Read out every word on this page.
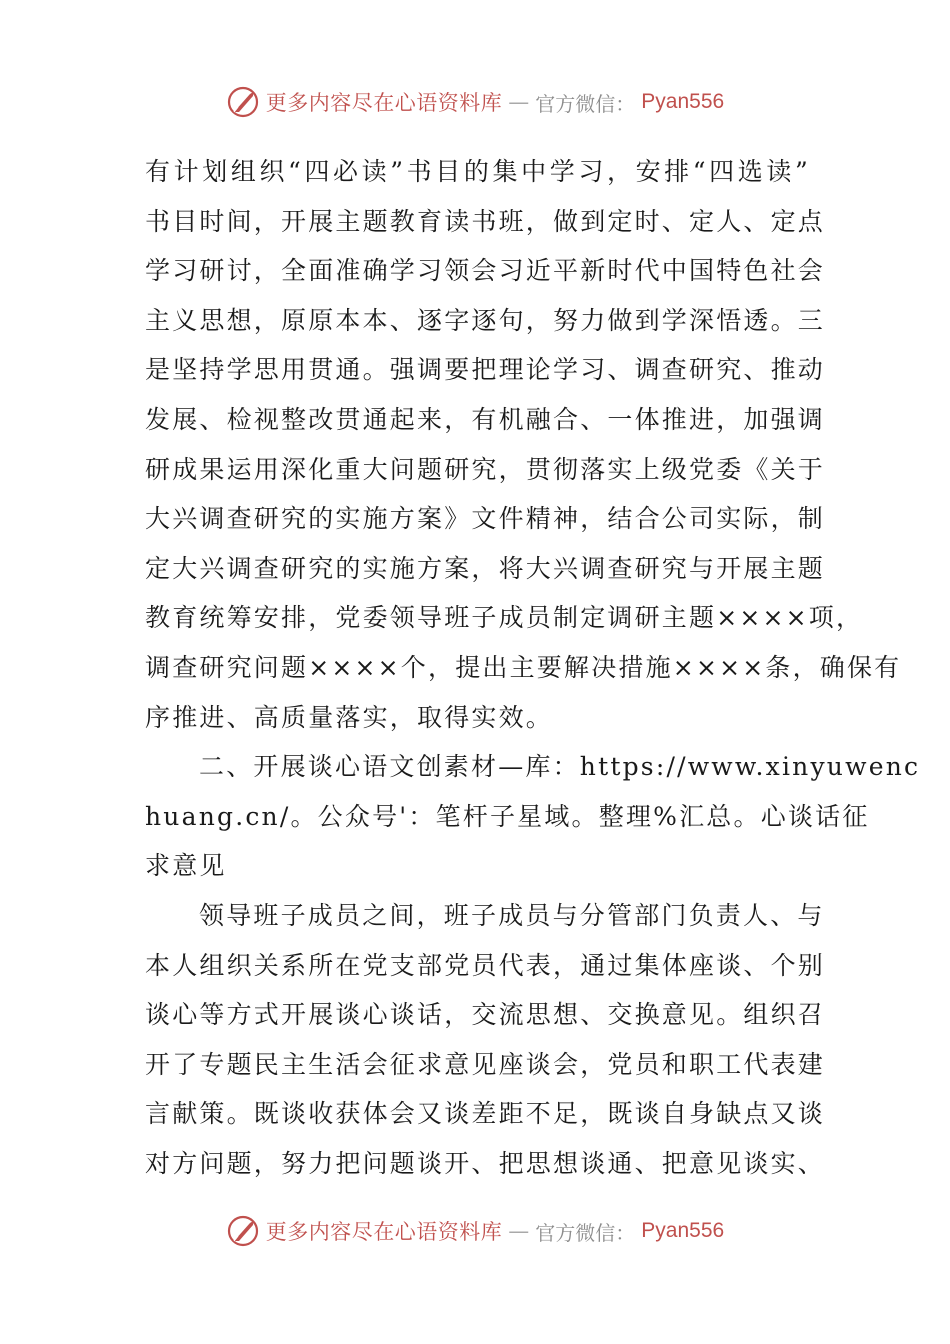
更多内容尽在心语资料库 — 官方微信： Pyan556
有计划组织“四必读”书目的集中学习，安排“四选读”
书目时间，开展主题教育读书班，做到定时、定人、定点
学习研讨，全面准确学习领会习近平新时代中国特色社会
主义思想，原原本本、逐字逐句，努力做到学深悟透。三
是坚持学思用贯通。强调要把理论学习、调查研究、推动
发展、检视整改贯通起来，有机融合、一体推进，加强调
研成果运用深化重大问题研究，贯彻落实上级党委《关于
大兴调查研究的实施方案》文件精神，结合公司实际，制
定大兴调查研究的实施方案，将大兴调查研究与开展主题
教育统筹安排，党委领导班子成员制定调研主题××××项，
调查研究问题××××个，提出主要解决措施××××条，确保有
序推进、高质量落实，取得实效。
二、开展谈心语文创素材—库：https://www.xinyuwenc
huang.cn/。公众号'：笔杆子星域。整理%汇总。心谈话征
求意见
领导班子成员之间，班子成员与分管部门负责人、与
本人组织关系所在党支部党员代表，通过集体座谈、个别
谈心等方式开展谈心谈话，交流思想、交换意见。组织召
开了专题民主生活会征求意见座谈会，党员和职工代表建
言献策。既谈收获体会又谈差距不足，既谈自身缺点又谈
对方问题，努力把问题谈开、把思想谈通、把意见谈实、
更多内容尽在心语资料库 — 官方微信： Pyan556
